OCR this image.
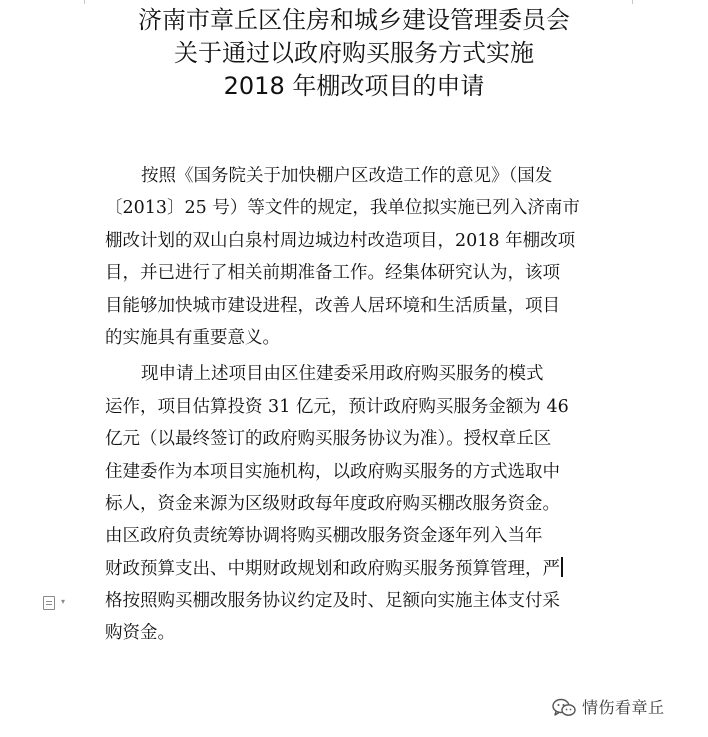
济南市章丘区住房和城乡建设管理委员会
关于通过以政府购买服务方式实施
2018 年棚改项目的申请
按照《国务院关于加快棚户区改造工作的意见》（国发
〔2013〕25 号）等文件的规定，我单位拟实施已列入济南市
棚改计划的双山白泉村周边城边村改造项目，2018 年棚改项
目，并已进行了相关前期准备工作。经集体研究认为，该项
目能够加快城市建设进程，改善人居环境和生活质量，项目
的实施具有重要意义。
现申请上述项目由区住建委采用政府购买服务的模式
运作，项目估算投资 31 亿元，预计政府购买服务金额为 46
亿元（以最终签订的政府购买服务协议为准）。授权章丘区
住建委作为本项目实施机构，以政府购买服务的方式选取中
标人，资金来源为区级财政每年度政府购买棚改服务资金。
由区政府负责统筹协调将购买棚改服务资金逐年列入当年
财政预算支出、中期财政规划和政府购买服务预算管理，严
格按照购买棚改服务协议约定及时、足额向实施主体支付采
购资金。
▾
情伤看章丘
